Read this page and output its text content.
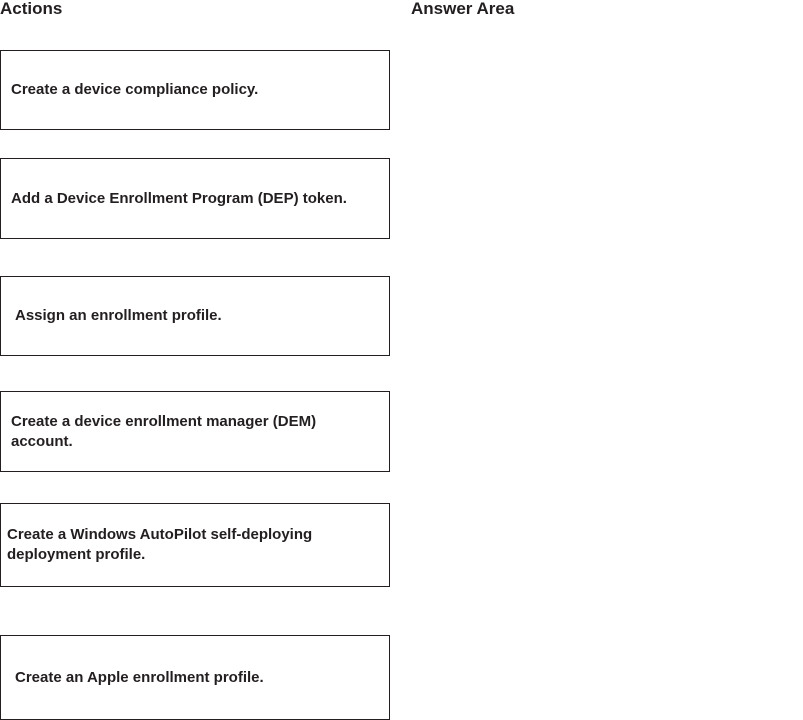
Actions	Answer Area
Create a device compliance policy.
Add a Device Enrollment Program (DEP) token.
Assign an enrollment profile.
Create a device enrollment manager (DEM) account.
Create a Windows AutoPilot self-deploying deployment profile.
Create an Apple enrollment profile.
